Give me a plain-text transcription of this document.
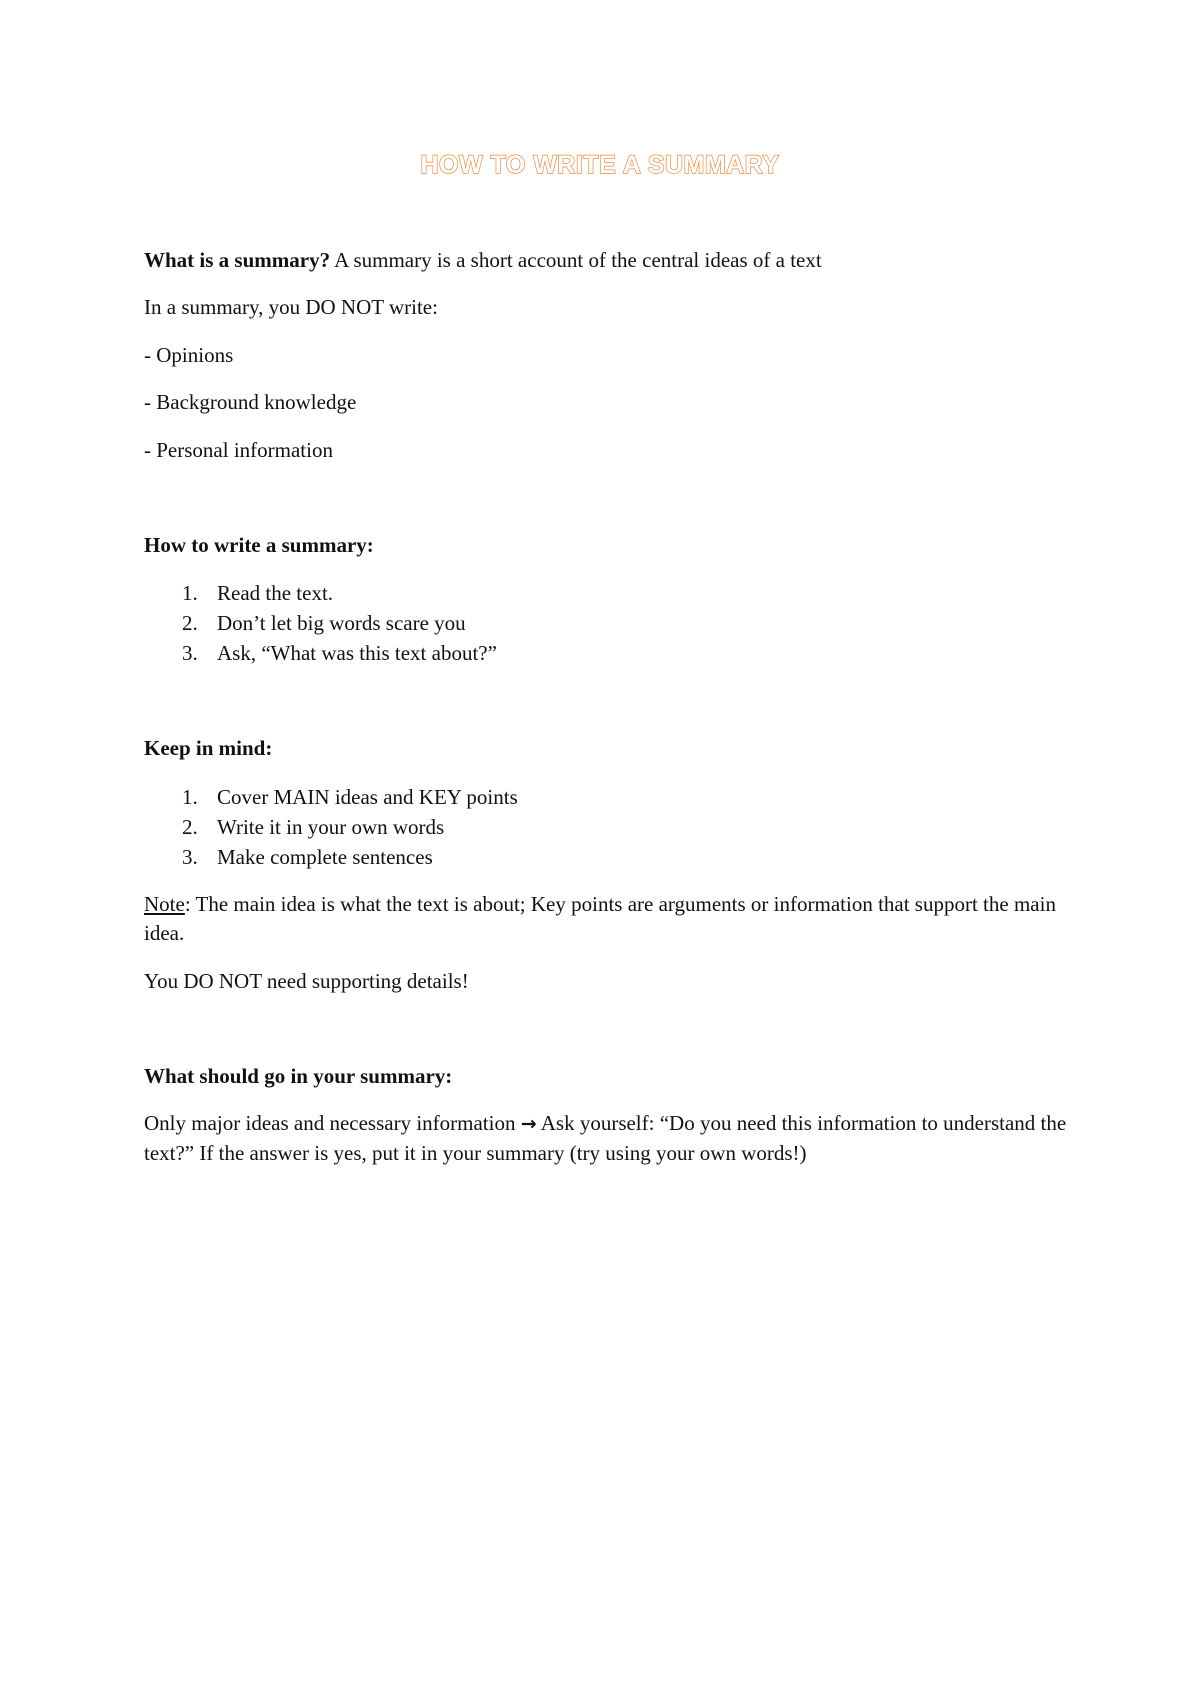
HOW TO WRITE A SUMMARY

What is a summary? A summary is a short account of the central ideas of a text

In a summary, you DO NOT write:

- Opinions

- Background knowledge

- Personal information

How to write a summary:

1. Read the text.
2. Don’t let big words scare you
3. Ask, “What was this text about?”

Keep in mind:

1. Cover MAIN ideas and KEY points
2. Write it in your own words
3. Make complete sentences

Note: The main idea is what the text is about; Key points are arguments or information that support the main idea.

You DO NOT need supporting details!

What should go in your summary:

Only major ideas and necessary information → Ask yourself: “Do you need this information to understand the text?” If the answer is yes, put it in your summary (try using your own words!)
